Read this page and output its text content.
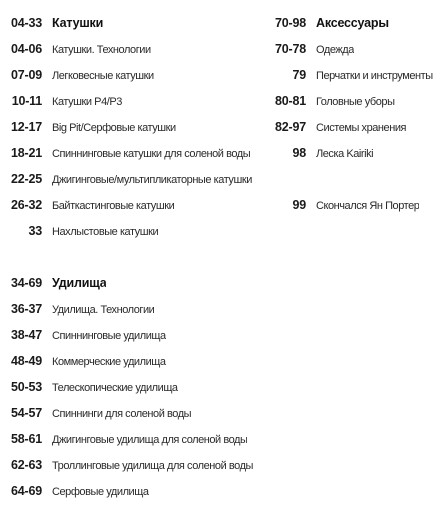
04-33 Катушки
04-06 Катушки. Технологии
07-09 Легковесные катушки
10-11 Катушки P4/P3
12-17 Big Pit/Серфовые катушки
18-21 Спиннинговые катушки для соленой воды
22-25 Джигинговые/мультипликаторные катушки
26-32 Байткастинговые катушки
33 Нахлыстовые катушки
34-69 Удилища
36-37 Удилища. Технологии
38-47 Спиннинговые удилища
48-49 Коммерческие удилища
50-53 Телескопические удилища
54-57 Спиннинги для соленой воды
58-61 Джигинговые удилища для соленой воды
62-63 Троллинговые удилища для соленой воды
64-69 Серфовые удилища
70-98 Аксессуары
70-78 Одежда
79 Перчатки и инструменты
80-81 Головные уборы
82-97 Системы хранения
98 Леска Kairiki
99 Скончался Ян Портер
